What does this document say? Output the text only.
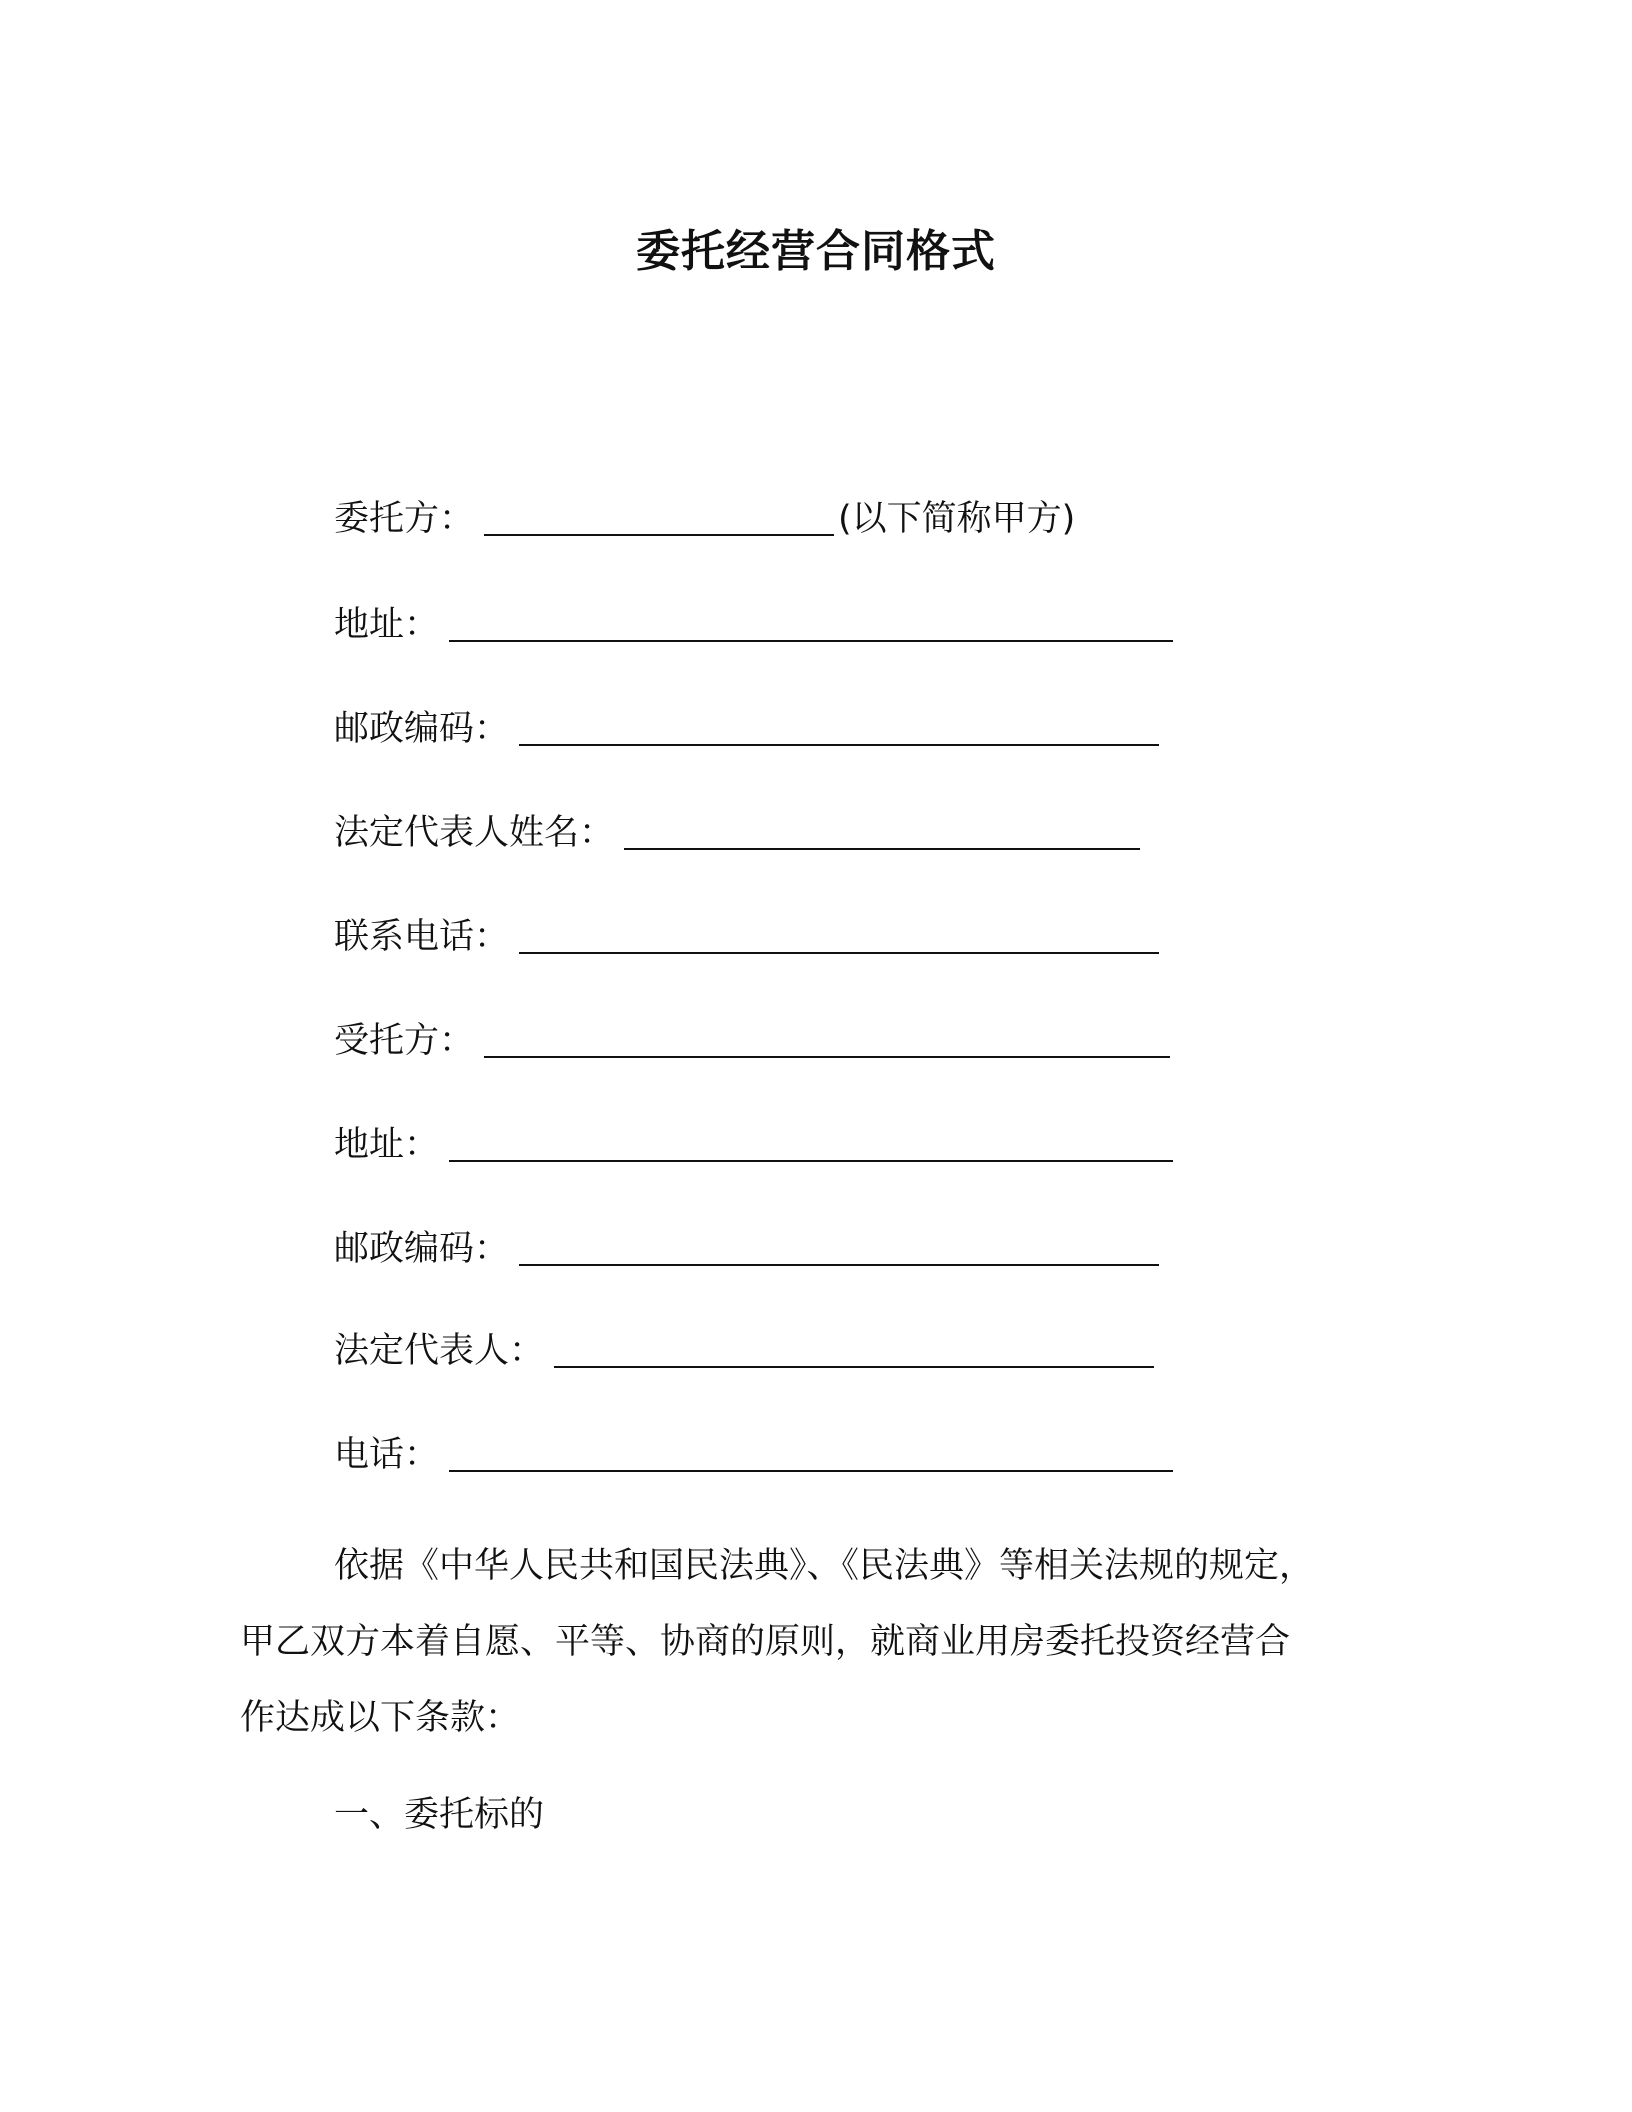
委托经营合同格式
委托方：	(以下简称甲方)
地址：
邮政编码：
法定代表人姓名：
联系电话：
受托方：
地址：
邮政编码：
法定代表人：
电话：
依据《中华人民共和国民法典》、《民法典》等相关法规的规定，
甲乙双方本着自愿、平等、协商的原则，就商业用房委托投资经营合
作达成以下条款：
一、委托标的
